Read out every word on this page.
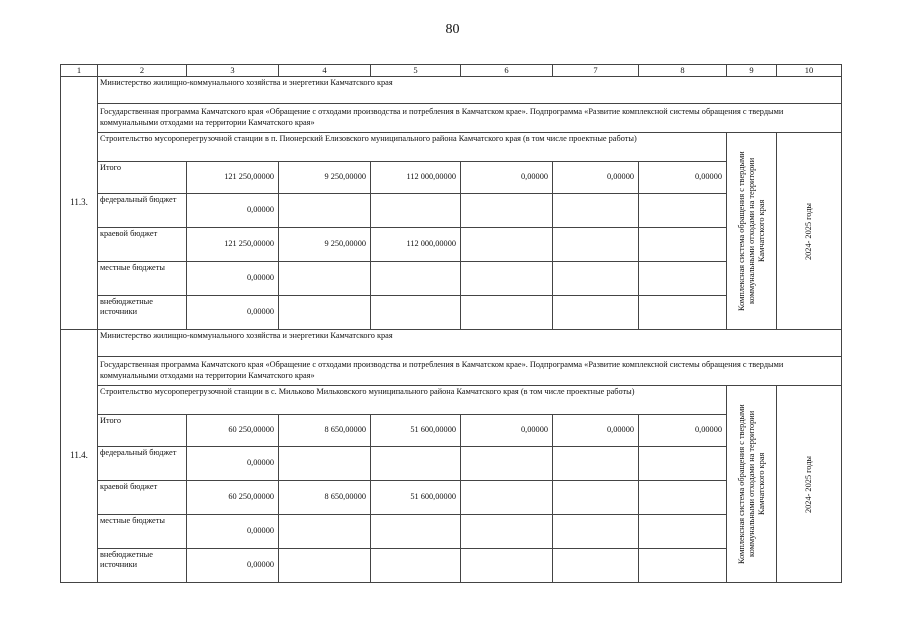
80
1	2	3	4	5	6	7	8	9	10
11.3.	Министерство жилищно-коммунального хозяйства и энергетики Камчатского края								
	Государственная программа Камчатского края «Обращение с отходами производства и потребления в Камчатском крае». Подпрограмма «Развитие комплексной системы обращения с твердыми коммунальными отходами на территории Камчатского края»								
	Строительство мусороперегрузочной станции в п. Пионерский Елизовского муниципального района Камчатского края (в том числе проектные работы)							Комплексная система обращения с твердыми коммунальными отходами на территории Камчатского края	2024- 2025 годы

	Итого	121 250,00000	9 250,00000	112 000,00000	0,00000	0,00000	0,00000		
	федеральный бюджет	0,00000							
	краевой бюджет	121 250,00000	9 250,00000	112 000,00000					
	местные бюджеты	0,00000							
	внебюджетные источники	0,00000							
11.4.	Министерство жилищно-коммунального хозяйства и энергетики Камчатского края								
	Государственная программа Камчатского края «Обращение с отходами производства и потребления в Камчатском крае». Подпрограмма «Развитие комплексной системы обращения с твердыми коммунальными отходами на территории Камчатского края»								
	Строительство мусороперегрузочной станции в с. Мильково Мильковского муниципального района Камчатского края (в том числе проектные работы)							Комплексная система обращения с твердыми коммунальными отходами на территории Камчатского края	2024- 2025 годы

	Итого	60 250,00000	8 650,00000	51 600,00000	0,00000	0,00000	0,00000		
	федеральный бюджет	0,00000							
	краевой бюджет	60 250,00000	8 650,00000	51 600,00000					
	местные бюджеты	0,00000							
	внебюджетные источники	0,00000							
